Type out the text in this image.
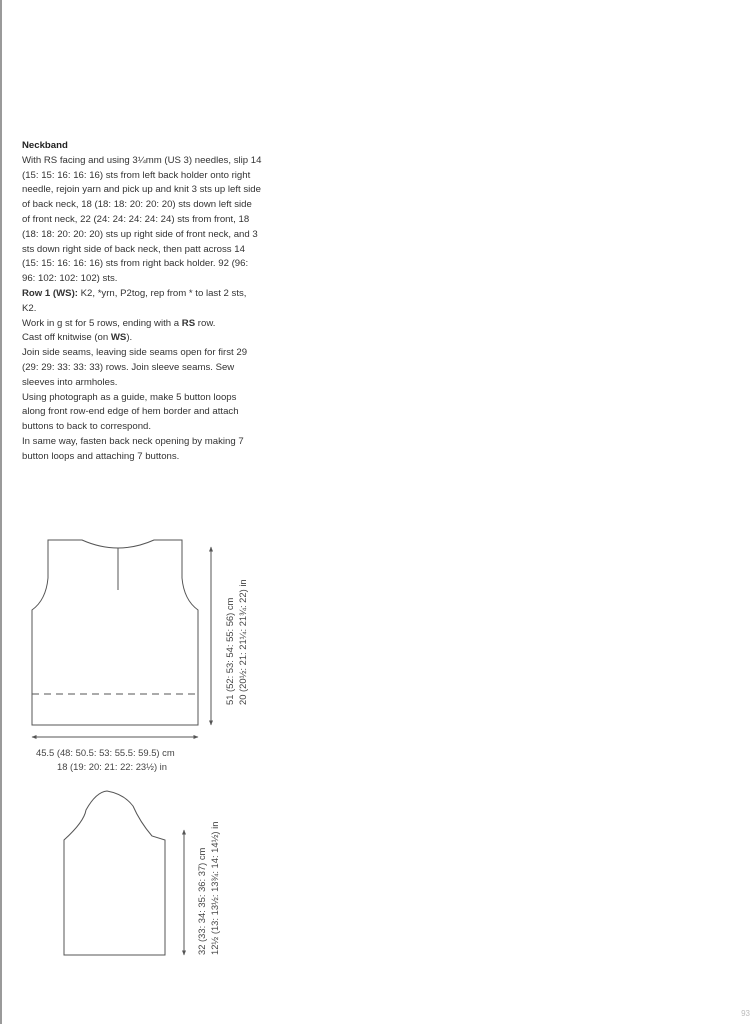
Neckband

With RS facing and using 3¼mm (US 3) needles, slip 14 (15: 15: 16: 16: 16) sts from left back holder onto right needle, rejoin yarn and pick up and knit 3 sts up left side of back neck, 18 (18: 18: 20: 20: 20) sts down left side of front neck, 22 (24: 24: 24: 24: 24) sts from front, 18 (18: 18: 20: 20: 20) sts up right side of front neck, and 3 sts down right side of back neck, then patt across 14 (15: 15: 16: 16: 16) sts from right back holder. 92 (96: 96: 102: 102: 102) sts.

Row 1 (WS): K2, *yrn, P2tog, rep from * to last 2 sts, K2.

Work in g st for 5 rows, ending with a RS row.

Cast off knitwise (on WS).

Join side seams, leaving side seams open for first 29 (29: 29: 33: 33: 33) rows. Join sleeve seams. Sew sleeves into armholes.

Using photograph as a guide, make 5 button loops along front row-end edge of hem border and attach buttons to back to correspond.

In same way, fasten back neck opening by making 7 button loops and attaching 7 buttons.

45.5 (48: 50.5: 53: 55.5: 59.5) cm
18 (19: 20: 21: 22: 23½) in
51 (52: 53: 54: 55: 56) cm 20 (20½: 21: 21¼: 21¾: 22) in
32 (33: 34: 35: 36: 37) cm 12½ (13: 13½: 13¾: 14: 14½) in
93
